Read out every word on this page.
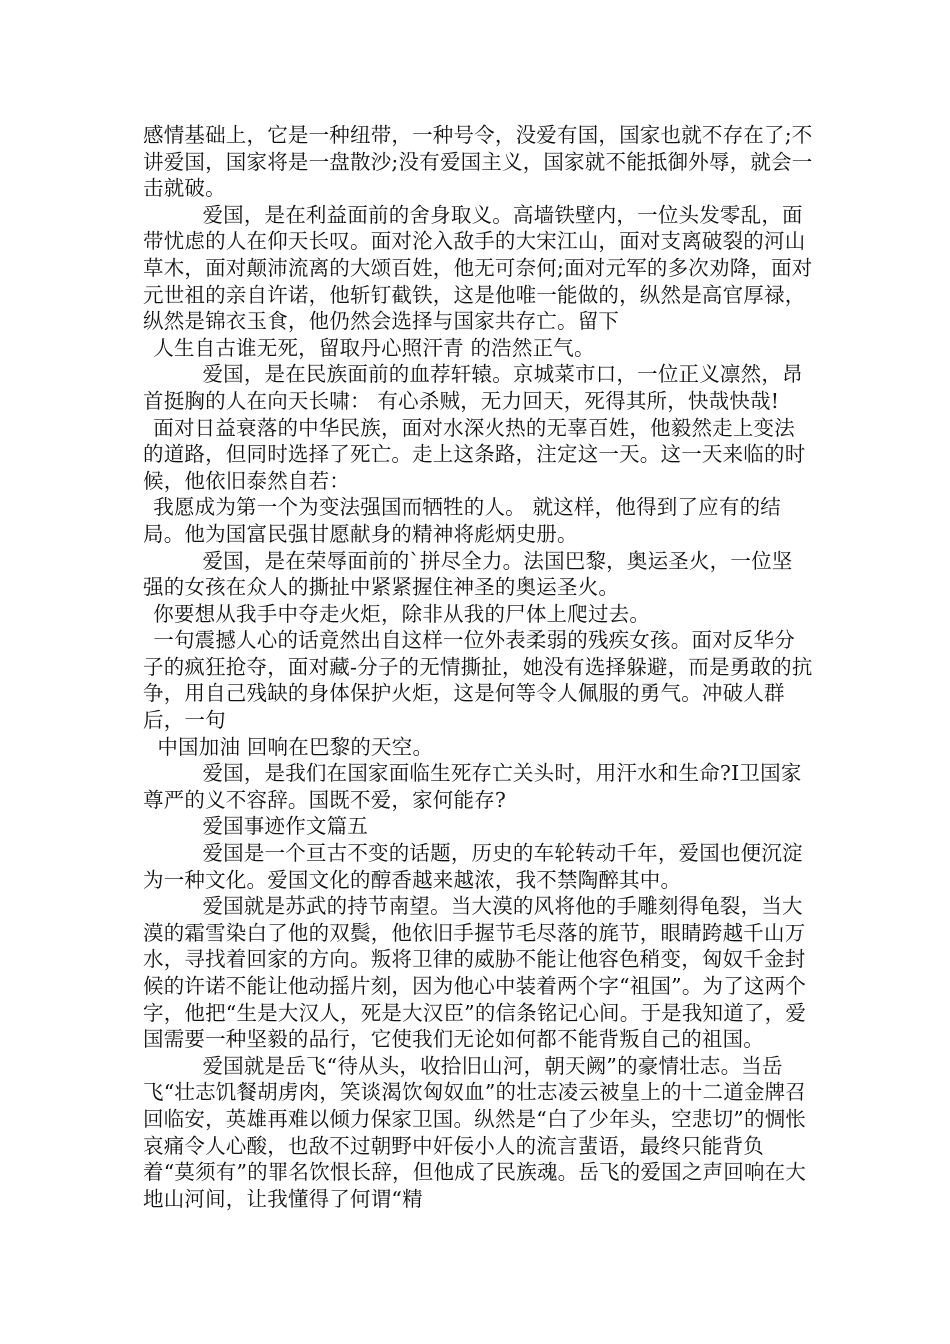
感情基础上，它是一种纽带，一种号令，没爱有国，国家也就不存在了;不讲爱国，国家将是一盘散沙;没有爱国主义，国家就不能抵御外辱，就会一击就破。

爱国，是在利益面前的舍身取义。高墙铁壁内，一位头发零乱，面带忧虑的人在仰天长叹。面对沦入敌手的大宋江山，面对支离破裂的河山草木，面对颠沛流离的大颂百姓，他无可奈何;面对元军的多次劝降，面对元世祖的亲自许诺，他斩钉截铁，这是他唯一能做的，纵然是高官厚禄，纵然是锦衣玉食，他仍然会选择与国家共存亡。留下

人生自古谁无死，留取丹心照汗青 的浩然正气。

爱国，是在民族面前的血荐轩辕。京城菜市口，一位正义凛然，昂首挺胸的人在向天长啸： 有心杀贼，无力回天，死得其所，快哉快哉!

面对日益衰落的中华民族，面对水深火热的无辜百姓，他毅然走上变法的道路，但同时选择了死亡。走上这条路，注定这一天。这一天来临的时候，他依旧泰然自若：

我愿成为第一个为变法强国而牺牲的人。 就这样，他得到了应有的结局。他为国富民强甘愿献身的精神将彪炳史册。

爱国，是在荣辱面前的`拼尽全力。法国巴黎，奥运圣火，一位坚强的女孩在众人的撕扯中紧紧握住神圣的奥运圣火。

你要想从我手中夺走火炬，除非从我的尸体上爬过去。

一句震撼人心的话竟然出自这样一位外表柔弱的残疾女孩。面对反华分子的疯狂抢夺，面对藏-分子的无情撕扯，她没有选择躲避，而是勇敢的抗争，用自己残缺的身体保护火炬，这是何等令人佩服的勇气。冲破人群后，一句

中国加油 回响在巴黎的天空。

爱国，是我们在国家面临生死存亡关头时，用汗水和生命?I卫国家尊严的义不容辞。国既不爱，家何能存?

爱国事迹作文篇五

爱国是一个亘古不变的话题，历史的车轮转动千年，爱国也便沉淀为一种文化。爱国文化的醇香越来越浓，我不禁陶醉其中。

爱国就是苏武的持节南望。当大漠的风将他的手雕刻得龟裂，当大漠的霜雪染白了他的双鬓，他依旧手握节毛尽落的旄节，眼睛跨越千山万水，寻找着回家的方向。叛将卫律的威胁不能让他容色稍变，匈奴千金封候的许诺不能让他动摇片刻，因为他心中装着两个字“祖国”。为了这两个字，他把“生是大汉人，死是大汉臣”的信条铭记心间。于是我知道了，爱国需要一种坚毅的品行，它使我们无论如何都不能背叛自己的祖国。

爱国就是岳飞“待从头，收拾旧山河，朝天阙”的豪情壮志。当岳飞“壮志饥餐胡虏肉，笑谈渴饮匈奴血”的壮志凌云被皇上的十二道金牌召回临安，英雄再难以倾力保家卫国。纵然是“白了少年头，空悲切”的惆怅哀痛令人心酸，也敌不过朝野中奸佞小人的流言蜚语，最终只能背负着“莫须有”的罪名饮恨长辞，但他成了民族魂。岳飞的爱国之声回响在大地山河间，让我懂得了何谓“精
